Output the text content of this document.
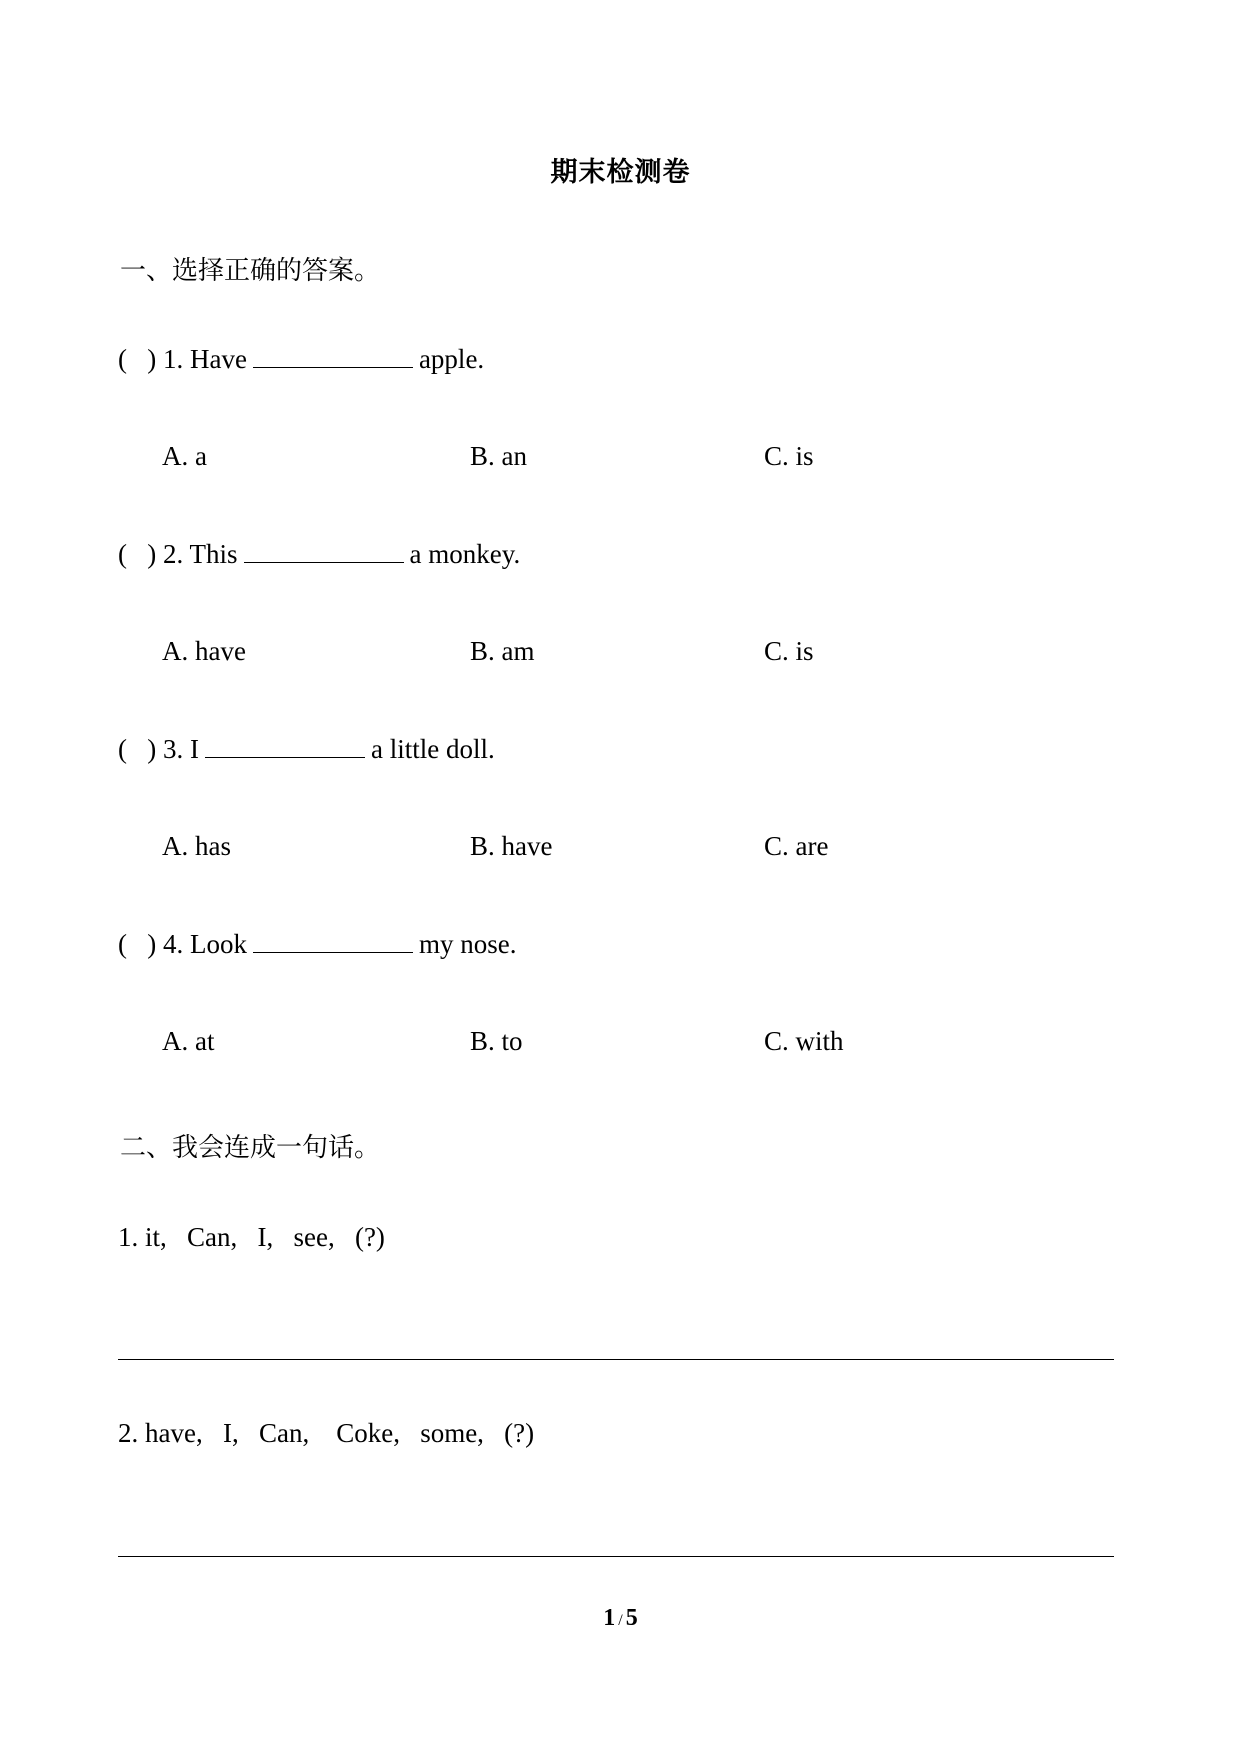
期末检测卷
一、选择正确的答案。
(   ) 1. Have	apple.
A. a	B. an	C. is
(   ) 2. This	a monkey.
A. have	B. am	C. is
(   ) 3. I	a little doll.
A. has	B. have	C. are
(   ) 4. Look	my nose.
A. at	B. to	C. with
二、我会连成一句话。
1. it,   Can,   I,   see,   (?)
2. have,   I,   Can,    Coke,   some,   (?)
1 / 5
